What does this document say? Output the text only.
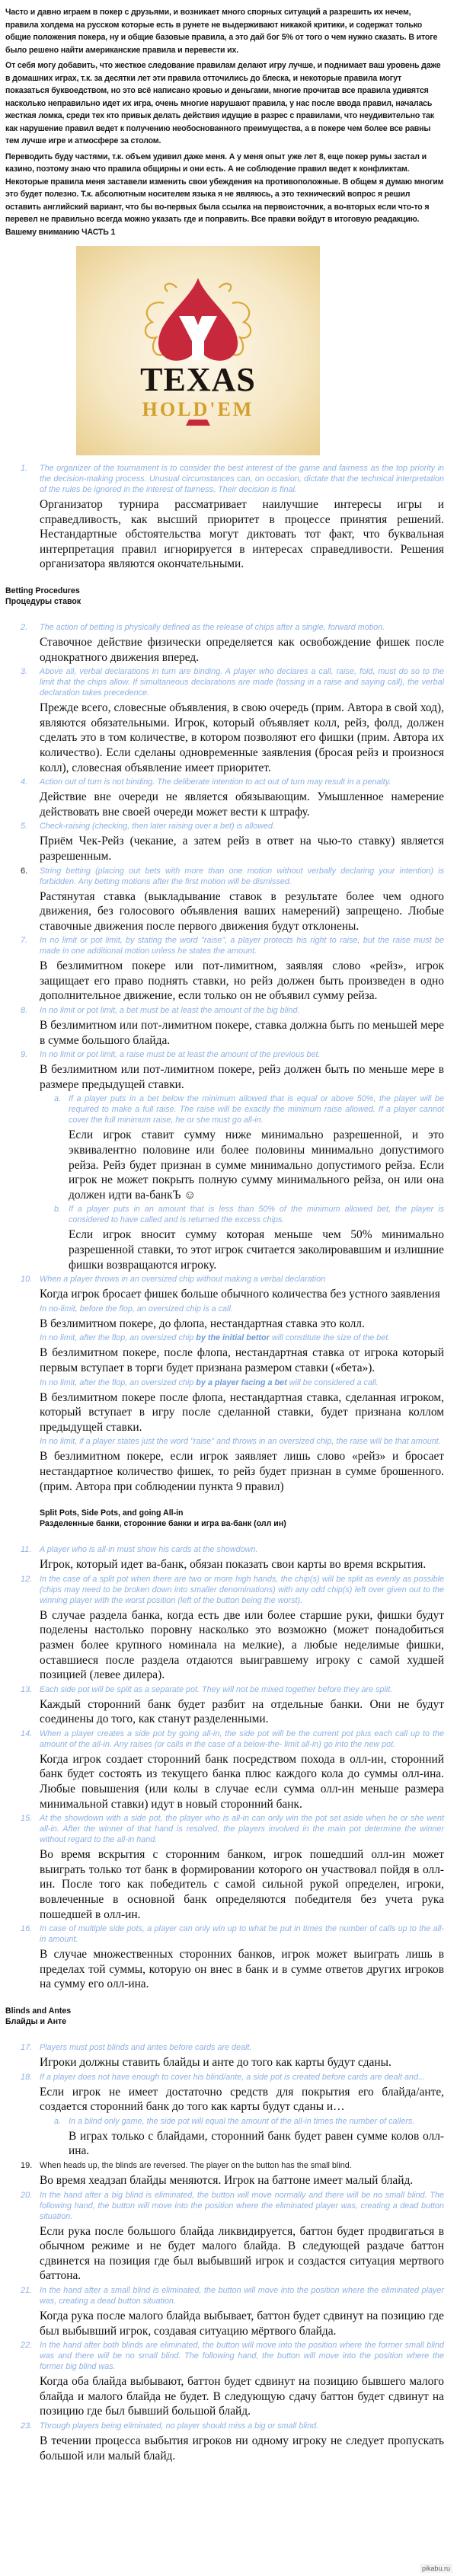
Часто и давно играем в покер с друзьями, и возникает много спорных ситуаций а разрешить их нечем, правила холдема на русском которые есть в рунете не выдерживают никакой критики, и содержат только общие положения покера, ну и общие базовые правила, а это дай бог 5% от того о чем нужно сказать. В итоге было решено найти американские правила и перевести их.

От себя могу добавить, что жесткое следование правилам делают игру лучше, и поднимает ваш уровень даже в домашних играх, т.к. за десятки лет эти правила отточились до блеска, и некоторые правила могут показаться буквоедством, но это всё написано кровью и деньгами, многие прочитав все правила удивятся насколько неправильно идет их игра, очень многие нарушают правила, у нас после ввода правил, началась жесткая ломка, среди тех кто привык делать действия идущие в разрес с правилами, что неудивительно так как нарушение правил ведет к получению необоснованного преимущества, а в покере чем более все равны тем лучше игре и атмосфере за столом.

Переводить буду частями, т.к. объем удивил даже меня. А у меня опыт уже лет 8, еще покер румы застал и казино, поэтому знаю что правила общирны и они есть. А не соблюдение правил ведет к конфликтам. Некоторые правила меня заставели изменить свои убеждения на противоположные. В общем я думаю многим это будет полезно. Т.к. абсолютным носителем языка я не являюсь, а это технический вопрос я решил оставить английский вариант, что бы во-первых была ссылка на первоисточник, а во-вторых если что-то я перевел не правильно всегда можно указать где и поправить. Все правки войдут в итоговую реадакцию.

Вашему вниманию ЧАСТЬ 1

TEXAS
HOLD'EM
1. The organizer of the tournament is to consider the best interest of the game and fairness as the top priority in the decision-making process. Unusual circumstances can, on occasion, dictate that the technical interpretation of the rules be ignored in the interest of fairness. Their decision is final.

Организатор турнира рассматривает наилучшие интересы игры и справедливость, как высший приоритет в процессе принятия решений. Нестандартные обстоятельства могут диктовать тот факт, что буквальная интерпретация правил игнорируется в интересах справедливости. Решения организатора являются окончательными.

Betting Procedures
Процедуры ставок
2. The action of betting is physically defined as the release of chips after a single, forward motion.

Ставочное действие физически определяется как освобождение фишек после однократного движения вперед.

3. Above all, verbal declarations in turn are binding. A player who declares a call, raise, fold, must do so to the limit that the chips allow. If simultaneous declarations are made (tossing in a raise and saying call), the verbal declaration takes precedence.

Прежде всего, словесные объявления, в свою очередь (прим. Автора в свой ход), являются обязательными. Игрок, который объявляет колл, рейз, фолд, должен сделать это в том количестве, в котором позволяют его фишки (прим. Автора их количество). Если сделаны одновременные заявления (бросая рейз и произнося колл), словесная объявление имеет приоритет.

4. Action out of turn is not binding. The deliberate intention to act out of turn may result in a penalty.

Действие вне очереди не является обязывающим. Умышленное намерение действовать вне своей очереди может вести к штрафу.

5. Check-raising (checking, then later raising over a bet) is allowed.

Приём Чек-Рейз (чекание, а затем рейз в ответ на чью-то ставку) является разрешенным.

6. String betting (placing out bets with more than one motion without verbally declaring your intention) is forbidden. Any betting motions after the first motion will be dismissed.

Растянутая ставка (выкладывание ставок в результате более чем одного движения, без голосового объявления ваших намерений) запрещено. Любые ставочные движения после первого движения будут отклонены.

7. In no limit or pot limit, by stating the word "raise", a player protects his right to raise, but the raise must be made in one additional motion unless he states the amount.

В безлимитном покере или пот-лимитном, заявляя слово «рейз», игрок защищает его право поднять ставки, но рейз должен быть произведен в одно дополнительное движение, если только он не объявил сумму рейза.

8. In no limit or pot limit, a bet must be at least the amount of the big blind.

В безлимитном или пот-лимитном покере, ставка должна быть по меньшей мере в сумме большого блайда.

9. In no limit or pot limit, a raise must be at least the amount of the previous bet.

В безлимитном или пот-лимитном покере, рейз должен быть по меньше мере в размере предыдущей ставки.

a. If a player puts in a bet below the minimum allowed that is equal or above 50%, the player will be required to make a full raise. The raise will be exactly the minimum raise allowed. If a player cannot cover the full minimum raise, he or she must go all-in.

Если игрок ставит сумму ниже минимально разрешенной, и это эквивалентно половине или более половины минимально допустимого рейза. Рейз будет признан в сумме минимально допустимого рейза. Если игрок не может покрыть полную сумму минимального рейза, он или она должен идти ва-банкЪ ☺

b. If a player puts in an amount that is less than 50% of the minimum allowed bet, the player is considered to have called and is returned the excess chips.

Если игрок вносит сумму которая меньше чем 50% минимально разрешенной ставки, то этот игрок считается заколировавшим и излишние фишки возвращаются игроку.

10. When a player throws in an oversized chip without making a verbal declaration

Когда игрок бросает фишек больше обычного количества без устного заявления

In no-limit, before the flop, an oversized chip is a call.

В безлимитном покере, до флопа, нестандартная ставка это колл.

In no limit, after the flop, an oversized chip by the initial bettor will constitute the size of the bet.

В безлимитном покере, после флопа, нестандартная ставка от игрока который первым вступает в торги будет признана размером ставки («бета»).

In no limit, after the flop, an oversized chip by a player facing a bet will be considered a call.

В безлимитном покере после флопа, нестандартная ставка, сделанная игроком, который вступает в игру после сделанной ставки, будет признана коллом предыдущей ставки.

In no limit, if a player states just the word "raise" and throws in an oversized chip, the raise will be that amount.

В безлимитном покере, если игрок заявляет лишь слово «рейз» и бросает нестандартное количество фишек, то рейз будет признан в сумме брошенного. (прим. Автора при соблюдении пункта 9 правил)

Split Pots, Side Pots, and going All-in
Разделенные банки, сторонние банки и игра ва-банк (олл ин)
11. A player who is all-in must show his cards at the showdown.

Игрок, который идет ва-банк, обязан показать свои карты во время вскрытия.

12. In the case of a split pot when there are two or more high hands, the chip(s) will be split as evenly as possible (chips may need to be broken down into smaller denominations) with any odd chip(s) left over given out to the winning player with the worst position (left of the button being the worst).

В случае раздела банка, когда есть две или более старшие руки, фишки будут поделены настолько поровну насколько это возможно (может понадобиться размен более крупного номинала на мелкие), а любые неделимые фишки, оставшиеся после раздела отдаются выигравшему игроку с самой худшей позицией (левее дилера).

13. Each side pot will be split as a separate pot. They will not be mixed together before they are split.

Каждый сторонний банк будет разбит на отдельные банки. Они не будут соединены до того, как станут разделенными.

14. When a player creates a side pot by going all-in, the side pot will be the current pot plus each call up to the amount of the all-in. Any raises (or calls in the case of a below-the- limit all-in) go into the new pot.

Когда игрок создает сторонний банк посредством похода в олл-ин, сторонний банк будет состоять из текущего банка плюс каждого кола до суммы олл-ина. Любые повышения (или колы в случае если сумма олл-ин меньше размера минимальной ставки) идут в новый сторонний банк.

15. At the showdown with a side pot, the player who is all-in can only win the pot set aside when he or she went all-in. After the winner of that hand is resolved, the players involved in the main pot determine the winner without regard to the all-in hand.

Во время вскрытия с сторонним банком, игрок пошедший олл-ин может выиграть только тот банк в формировании которого он участвовал пойдя в олл-ин. После того как победитель с самой сильной рукой определен, игроки, вовлеченные в основной банк определяются победителя без учета рука пошедшей в олл-ин.

16. In case of multiple side pots, a player can only win up to what he put in times the number of calls up to the all-in amount.

В случае множественных сторонних банков, игрок может выиграть лишь в пределах той суммы, которую он внес в банк и в сумме ответов других игроков на сумму его олл-ина.

Blinds and Antes
Блайды и Анте
17. Players must post blinds and antes before cards are dealt.

Игроки должны ставить блайды и анте до того как карты будут сданы.

18. If a player does not have enough to cover his blind/ante, a side pot is created before cards are dealt and...

Если игрок не имеет достаточно средств для покрытия его блайда/анте, создается сторонний банк до того как карты будут сданы и…

a. In a blind only game, the side pot will equal the amount of the all-in times the number of callers.

В играх только с блайдами, сторонний банк будет равен сумме колов олл-ина.

19. When heads up, the blinds are reversed. The player on the button has the small blind.

Во время хеадзап блайды меняются. Игрок на баттоне имеет малый блайд.

20. In the hand after a big blind is eliminated, the button will move normally and there will be no small blind. The following hand, the button will move into the position where the eliminated player was, creating a dead button situation.

Если рука после большого блайда ликвидируется, баттон будет продвигаться в обычном режиме и не будет малого блайда. В следующей раздаче баттон сдвинется на позиция где был выбывший игрок и создастся ситуация мертвого баттона.

21. In the hand after a small blind is eliminated, the button will move into the position where the eliminated player was, creating a dead button situation.

Когда рука после малого блайда выбывает, баттон будет сдвинут на позицию где был выбывший игрок, создавая ситуацию мёртвого блайда.

22. In the hand after both blinds are eliminated, the button will move into the position where the former small blind was and there will be no small blind. The following hand, the button will move into the position where the former big blind was.

Когда оба блайда выбывают, баттон будет сдвинут на позицию бывшего малого блайда и малого блайда не будет. В следующую сдачу баттон будет сдвинут на позицию где был бывший большой блайд.

23. Through players being eliminated, no player should miss a big or small blind.

В течении процесса выбытия игроков ни одному игроку не следует пропускать большой или малый блайд.

pikabu.ru
